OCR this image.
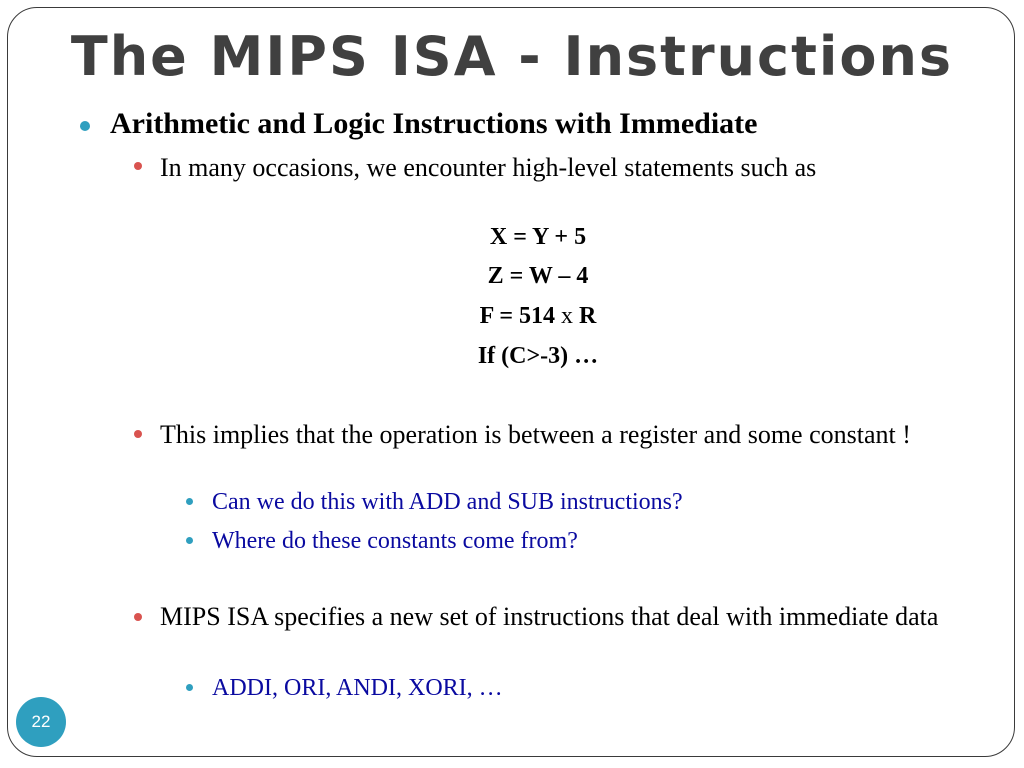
The MIPS ISA - Instructions
Arithmetic and Logic Instructions with Immediate
In many occasions, we encounter high-level statements such as
X = Y + 5
Z = W – 4
F = 514 x R
If (C>-3) …
This implies that the operation is between a register and some constant !
Can we do this with ADD and SUB instructions?
Where do these constants come from?
MIPS ISA specifies a new set of instructions that deal with immediate data
ADDI, ORI, ANDI, XORI, …
22
